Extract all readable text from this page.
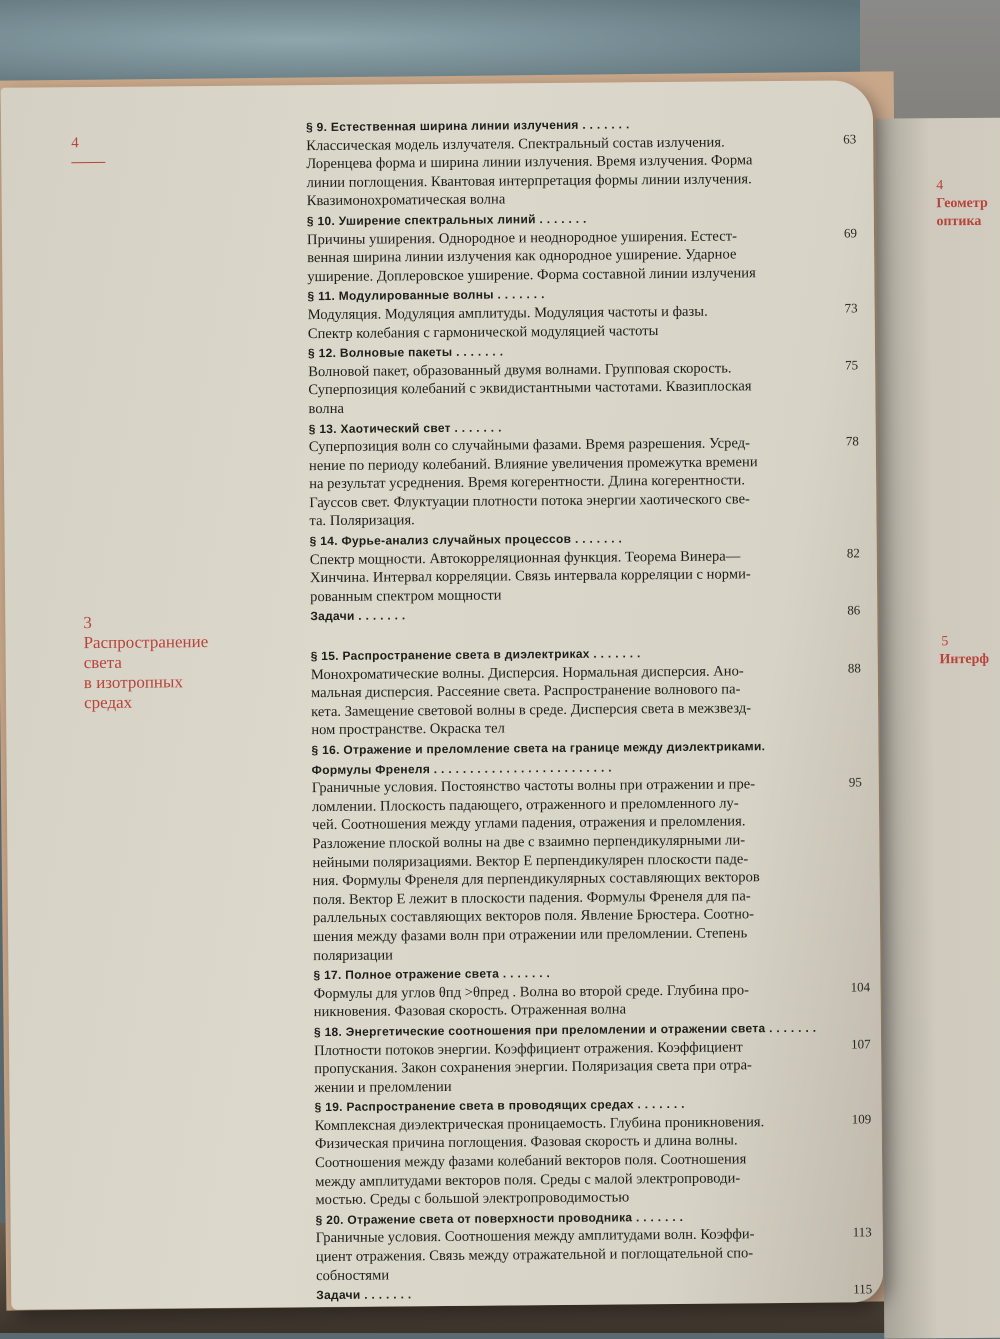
4
Геометр
оптика
5
Интерф
4
3
Распространение
света
в изотропных
средах
§ 9. Естественная ширина линии излучения . . . . . . .
Классическая модель излучателя. Спектральный состав излучения.
Лоренцева форма и ширина линии излучения. Время излучения. Форма
линии поглощения. Квантовая интерпретация формы линии излучения.
Квазимонохроматическая волна
§ 10. Уширение спектральных линий . . . . . . .
Причины уширения. Однородное и неоднородное уширения. Естест-
венная ширина линии излучения как однородное уширение. Ударное
уширение. Доплеровское уширение. Форма составной линии излучения
§ 11. Модулированные волны . . . . . . .
Модуляция. Модуляция амплитуды. Модуляция частоты и фазы.
Спектр колебания с гармонической модуляцией частоты
§ 12. Волновые пакеты . . . . . . .
Волновой пакет, образованный двумя волнами. Групповая скорость.
Суперпозиция колебаний с эквидистантными частотами. Квазиплоская
волна
§ 13. Хаотический свет . . . . . . .
Суперпозиция волн со случайными фазами. Время разрешения. Усред-
нение по периоду колебаний. Влияние увеличения промежутка времени
на результат усреднения. Время когерентности. Длина когерентности.
Гауссов свет. Флуктуации плотности потока энергии хаотического све-
та. Поляризация.
§ 14. Фурье-анализ случайных процессов . . . . . . .
Спектр мощности. Автокорреляционная функция. Теорема Винера—
Хинчина. Интервал корреляции. Связь интервала корреляции с норми-
рованным спектром мощности
Задачи . . . . . . .
§ 15. Распространение света в диэлектриках . . . . . . .
Монохроматические волны. Дисперсия. Нормальная дисперсия. Ано-
мальная дисперсия. Рассеяние света. Распространение волнового па-
кета. Замещение световой волны в среде. Дисперсия света в межзвезд-
ном пространстве. Окраска тел
§ 16. Отражение и преломление света на границе между диэлектриками.
Формулы Френеля . . . . . . . . . . . . . . . . . . . . . . . . .
Граничные условия. Постоянство частоты волны при отражении и пре-
ломлении. Плоскость падающего, отраженного и преломленного лу-
чей. Соотношения между углами падения, отражения и преломления.
Разложение плоской волны на две с взаимно перпендикулярными ли-
нейными поляризациями. Вектор E перпендикулярен плоскости паде-
ния. Формулы Френеля для перпендикулярных составляющих векторов
поля. Вектор E лежит в плоскости падения. Формулы Френеля для па-
раллельных составляющих векторов поля. Явление Брюстера. Соотно-
шения между фазами волн при отражении или преломлении. Степень
поляризации
§ 17. Полное отражение света . . . . . . .
Формулы для углов θпд >θпред . Волна во второй среде. Глубина про-
никновения. Фазовая скорость. Отраженная волна
§ 18. Энергетические соотношения при преломлении и отражении света . . . . . . .
Плотности потоков энергии. Коэффициент отражения. Коэффициент
пропускания. Закон сохранения энергии. Поляризация света при отра-
жении и преломлении
§ 19. Распространение света в проводящих средах . . . . . . .
Комплексная диэлектрическая проницаемость. Глубина проникновения.
Физическая причина поглощения. Фазовая скорость и длина волны.
Соотношения между фазами колебаний векторов поля. Соотношения
между амплитудами векторов поля. Среды с малой электропроводи-
мостью. Среды с большой электропроводимостью
§ 20. Отражение света от поверхности проводника . . . . . . .
Граничные условия. Соотношения между амплитудами волн. Коэффи-
циент отражения. Связь между отражательной и поглощательной спо-
собностями
Задачи . . . . . . .
63
69
73
75
78
82
86
88
95
104
107
109
113
115
